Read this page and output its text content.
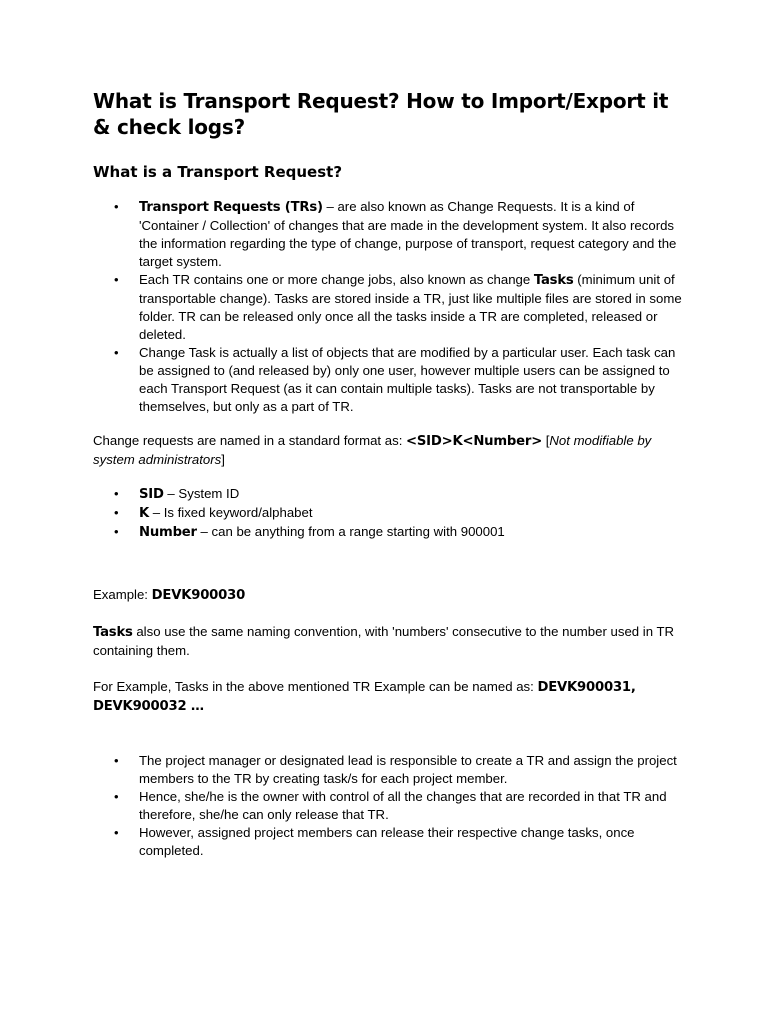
What is Transport Request? How to Import/Export it & check logs?
What is a Transport Request?
• Transport Requests (TRs) – are also known as Change Requests. It is a kind of 'Container / Collection' of changes that are made in the development system. It also records the information regarding the type of change, purpose of transport, request category and the target system.
• Each TR contains one or more change jobs, also known as change Tasks (minimum unit of transportable change). Tasks are stored inside a TR, just like multiple files are stored in some folder. TR can be released only once all the tasks inside a TR are completed, released or deleted.
• Change Task is actually a list of objects that are modified by a particular user. Each task can be assigned to (and released by) only one user, however multiple users can be assigned to each Transport Request (as it can contain multiple tasks). Tasks are not transportable by themselves, but only as a part of TR.

Change requests are named in a standard format as: <SID>K<Number> [Not modifiable by system administrators]

• SID – System ID
• K – Is fixed keyword/alphabet
• Number – can be anything from a range starting with 900001

Example: DEVK900030

Tasks also use the same naming convention, with 'numbers' consecutive to the number used in TR containing them.

For Example, Tasks in the above mentioned TR Example can be named as: DEVK900031, DEVK900032 …

• The project manager or designated lead is responsible to create a TR and assign the project members to the TR by creating task/s for each project member.
• Hence, she/he is the owner with control of all the changes that are recorded in that TR and therefore, she/he can only release that TR.
• However, assigned project members can release their respective change tasks, once completed.
